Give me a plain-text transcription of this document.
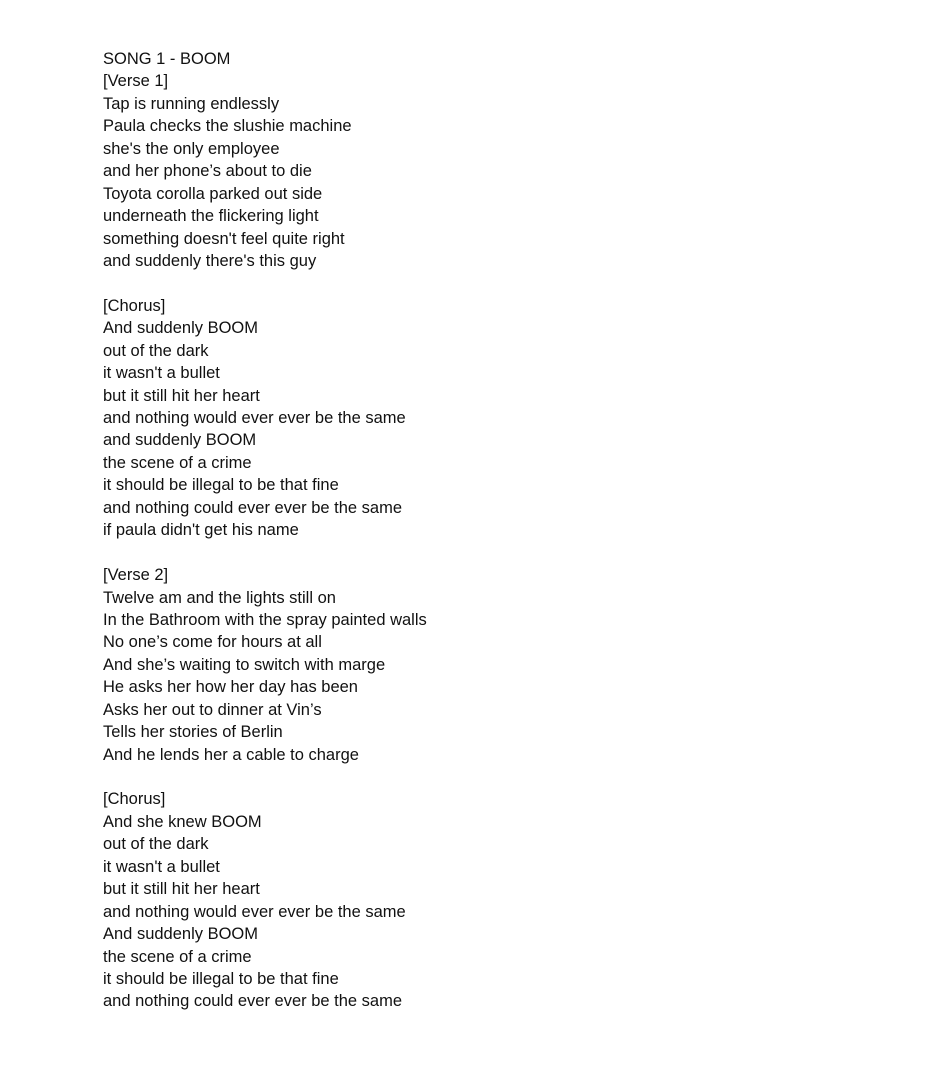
SONG 1 - BOOM
[Verse 1]
Tap is running endlessly
Paula checks the slushie machine
she's the only employee
and her phone’s about to die
Toyota corolla parked out side
underneath the flickering light
something doesn't feel quite right
and suddenly there's this guy
[Chorus]
And suddenly BOOM
out of the dark
it wasn't a bullet
but it still hit her heart
and nothing would ever ever be the same
and suddenly BOOM
the scene of a crime
it should be illegal to be that fine
and nothing could ever ever be the same
if paula didn't get his name
[Verse 2]
Twelve am and the lights still on
In the Bathroom with the spray painted walls
No one’s come for hours at all
And she’s waiting to switch with marge
He asks her how her day has been
Asks her out to dinner at Vin’s
Tells her stories of Berlin
And he lends her a cable to charge
[Chorus]
And she knew BOOM
out of the dark
it wasn't a bullet
but it still hit her heart
and nothing would ever ever be the same
And suddenly BOOM
the scene of a crime
it should be illegal to be that fine
and nothing could ever ever be the same
